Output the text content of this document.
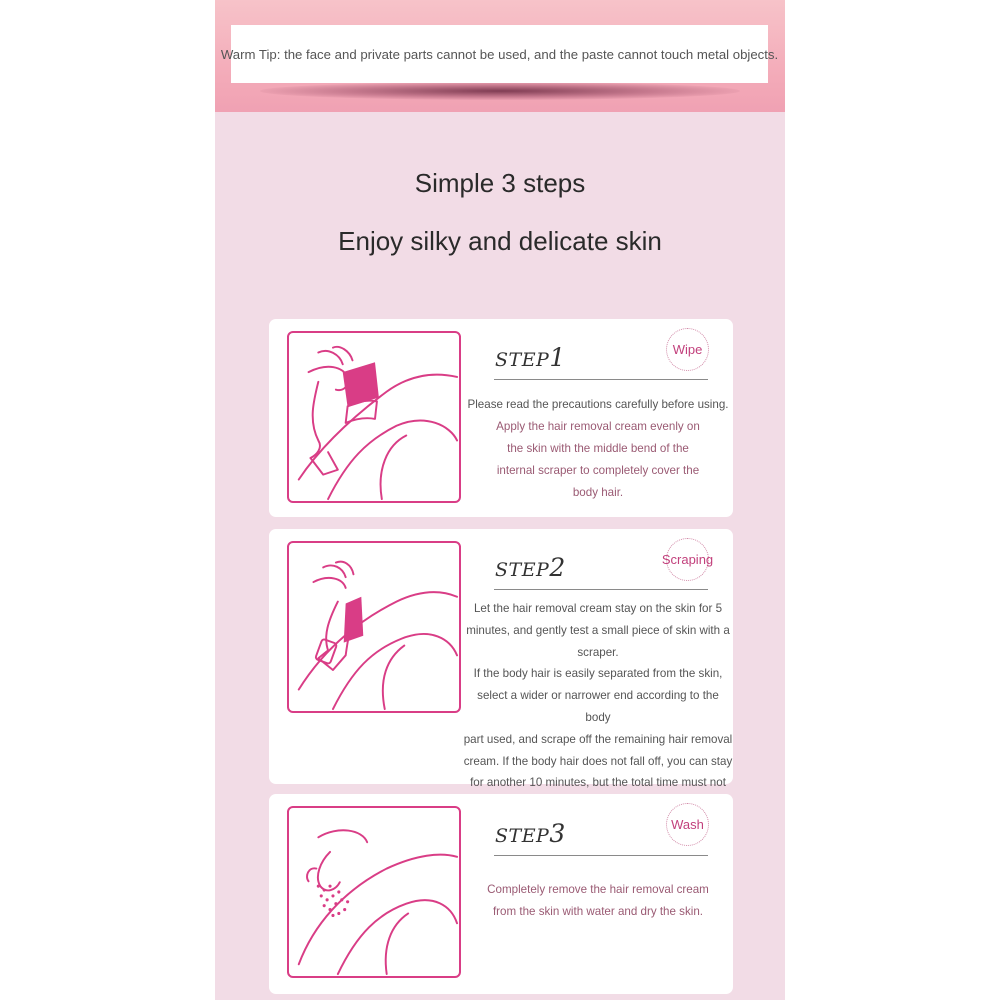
Warm Tip: the face and private parts cannot be used, and the paste cannot touch metal objects.
Simple 3 steps
Enjoy silky and delicate skin
STEP1	Wipe
Please read the precautions carefully before using.
Apply the hair removal cream evenly on
the skin with the middle bend of the
internal scraper to completely cover the
body hair.
STEP2	Scraping
Let the hair removal cream stay on the skin for 5
minutes, and gently test a small piece of skin with a
scraper.
If the body hair is easily separated from the skin,
select a wider or narrower end according to the body
part used, and scrape off the remaining hair removal
cream. If the body hair does not fall off, you can stay
for another 10 minutes, but the total time must not
STEP3	Wash
Completely remove the hair removal cream
from the skin with water and dry the skin.
